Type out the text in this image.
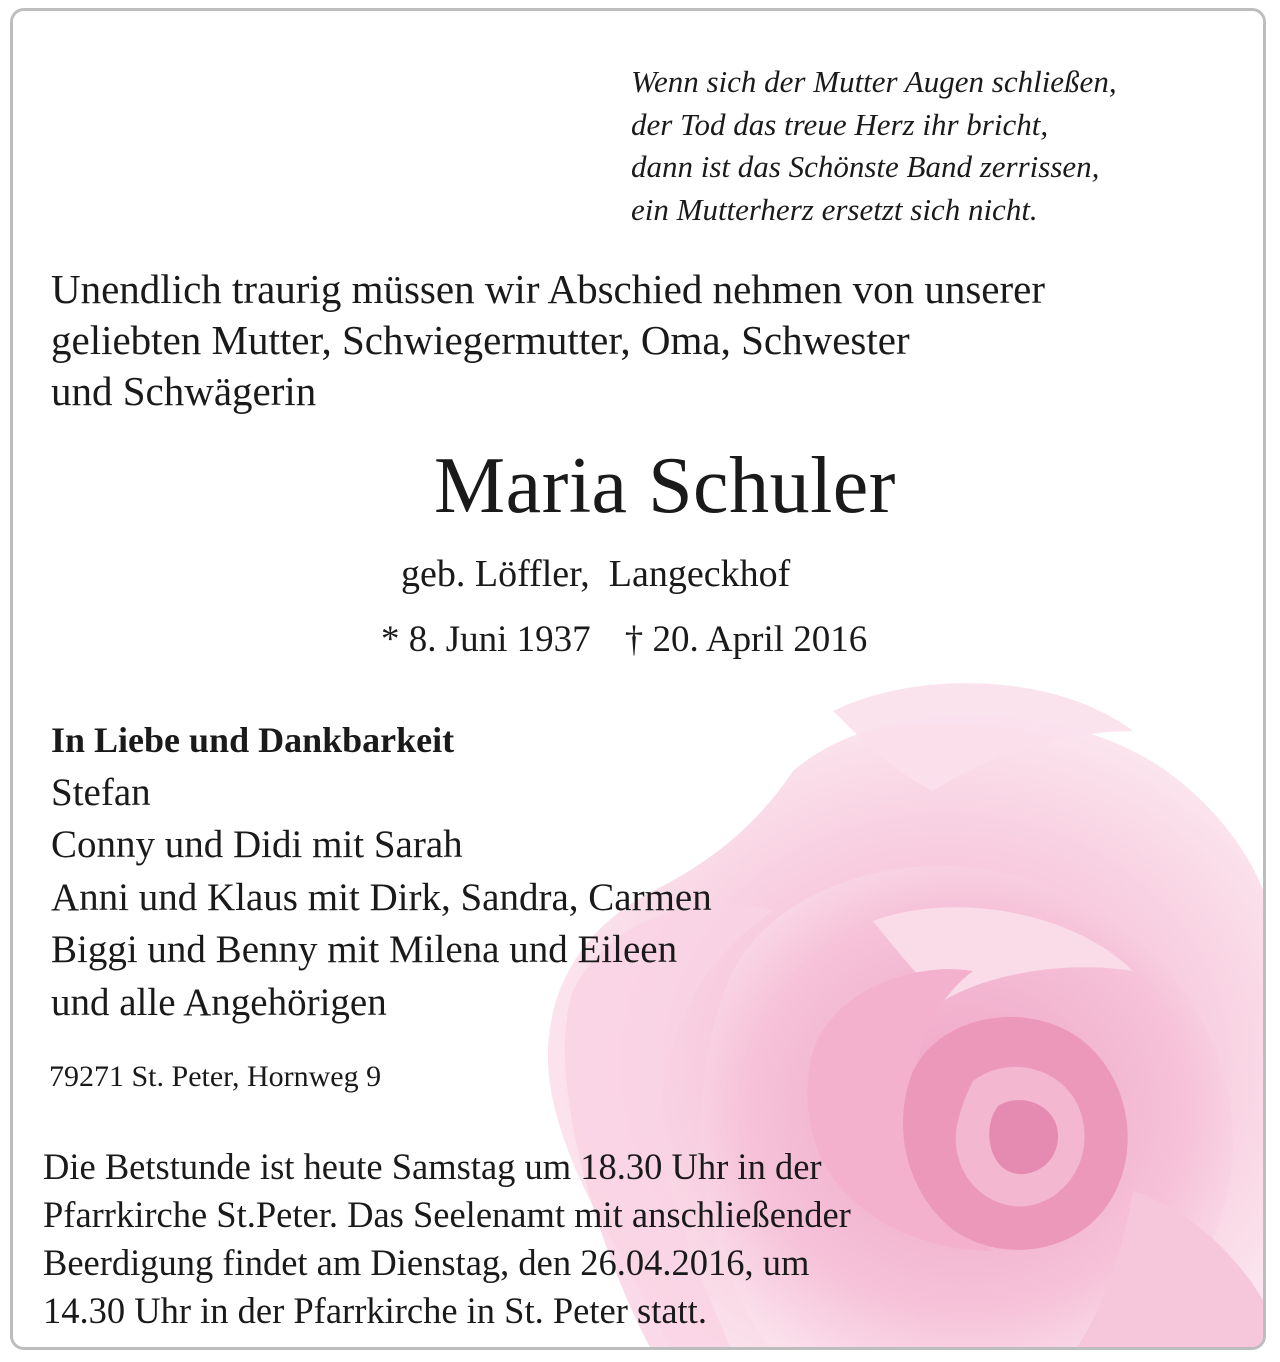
Wenn sich der Mutter Augen schließen,
der Tod das treue Herz ihr bricht,
dann ist das Schönste Band zerrissen,
ein Mutterherz ersetzt sich nicht.
Unendlich traurig müssen wir Abschied nehmen von unserer
geliebten Mutter, Schwiegermutter, Oma, Schwester
und Schwägerin
Maria Schuler
geb. Löffler,  Langeckhof
* 8. Juni 1937 † 20. April 2016
In Liebe und Dankbarkeit
Stefan
Conny und Didi mit Sarah
Anni und Klaus mit Dirk, Sandra, Carmen
Biggi und Benny mit Milena und Eileen
und alle Angehörigen
79271 St. Peter, Hornweg 9
Die Betstunde ist heute Samstag um 18.30 Uhr in der
Pfarrkirche St.Peter. Das Seelenamt mit anschließender
Beerdigung findet am Dienstag, den 26.04.2016, um
14.30 Uhr in der Pfarrkirche in St. Peter statt.
